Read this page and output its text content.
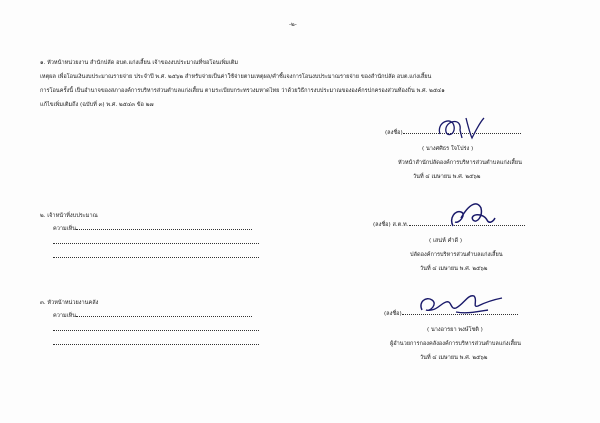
-๒-
๑. หัวหน้าหน่วยงาน สำนักปลัด อบต.แก่งเสี้ยน เจ้าของงบประมาณที่ขอโอนเพิ่มเติม
เหตุผล เพื่อโอนเงินงบประมาณรายจ่าย ประจำปี พ.ศ. ๒๕๖๒ สำหรับจ่ายเป็นค่าใช้จ่ายตามเหตุผล/คำชี้แจงการโอนงบประมาณรายจ่าย ของสำนักปลัด อบต.แก่งเสี้ยน
การโอนครั้งนี้ เป็นอำนาจของสภาองค์การบริหารส่วนตำบลแก่งเสี้ยน ตามระเบียบกระทรวงมหาดไทย ว่าด้วยวิธีการงบประมาณขององค์กรปกครองส่วนท้องถิ่น พ.ศ. ๒๕๔๑
แก้ไขเพิ่มเติมถึง (ฉบับที่ ๓) พ.ศ. ๒๕๔๓ ข้อ ๒๗
(ลงชื่อ)
( นางศศิธร ใจโปร่ง )
หัวหน้าสำนักปลัดองค์การบริหารส่วนตำบลแก่งเสี้ยน
วันที่ ๔ เมษายน พ.ศ. ๒๕๖๒
๒. เจ้าหน้าที่งบประมาณ
ความเห็น
(ลงชื่อ) ส.ต.ท.
( เสน่ห์ คำดี )
ปลัดองค์การบริหารส่วนตำบลแก่งเสี้ยน
วันที่ ๔ เมษายน พ.ศ. ๒๕๖๒
๓. หัวหน้าหน่วยงานคลัง
ความเห็น	(ลงชื่อ)
( นางอารยา พงษ์โชติ )
ผู้อำนวยการกองคลังองค์การบริหารส่วนตำบลแก่งเสี้ยน
วันที่ ๔ เมษายน พ.ศ. ๒๕๖๒
